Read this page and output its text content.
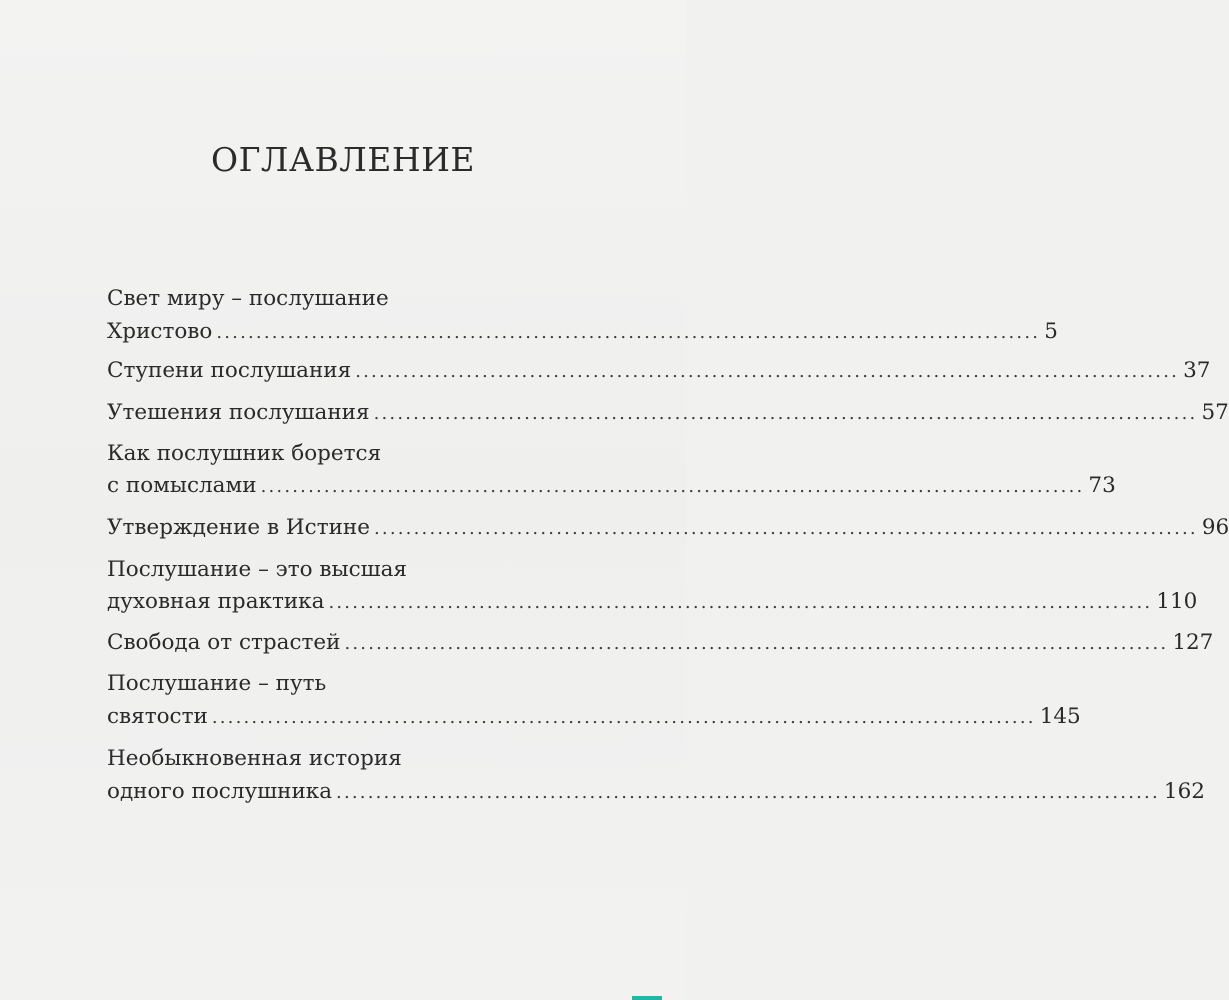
ОГЛАВЛЕНИЕ
Свет миру – послушание
Христово ........................................................................................................ 5
Ступени послушания ........................................................................................................ 37
Утешения послушания ........................................................................................................ 57
Как послушник борется
с помыслами ........................................................................................................ 73
Утверждение в Истине ........................................................................................................ 96
Послушание – это высшая
духовная практика ........................................................................................................ 110
Свобода от страстей ........................................................................................................ 127
Послушание – путь
святости ........................................................................................................ 145
Необыкновенная история
одного послушника ........................................................................................................ 162
